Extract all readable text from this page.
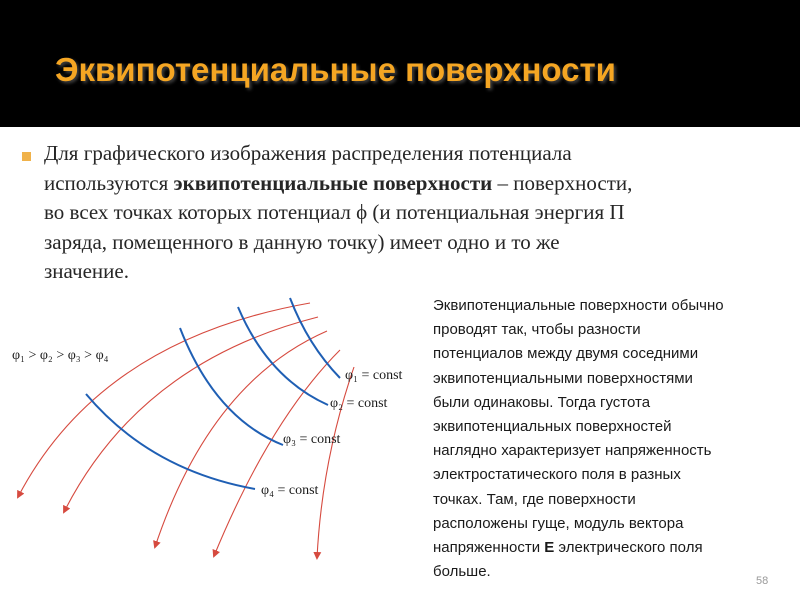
Эквипотенциальные поверхности

Для графического изображения распределения потенциала
используются эквипотенциальные поверхности – поверхности,
во всех точках которых потенциал ϕ (и потенциальная энергия П
заряда, помещенного в данную точку) имеет одно и то же
значение.

φ₁ > φ₂ > φ₃ > φ₄
φ₁ = const
φ₂ = const
φ₃ = const
φ₄ = const

Эквипотенциальные поверхности обычно
проводят так, чтобы разности
потенциалов между двумя соседними
эквипотенциальными поверхностями
были одинаковы. Тогда густота
эквипотенциальных поверхностей
наглядно характеризует напряженность
электростатического поля в разных
точках. Там, где поверхности
расположены гуще, модуль вектора
напряженности E электрического поля
больше.

58
